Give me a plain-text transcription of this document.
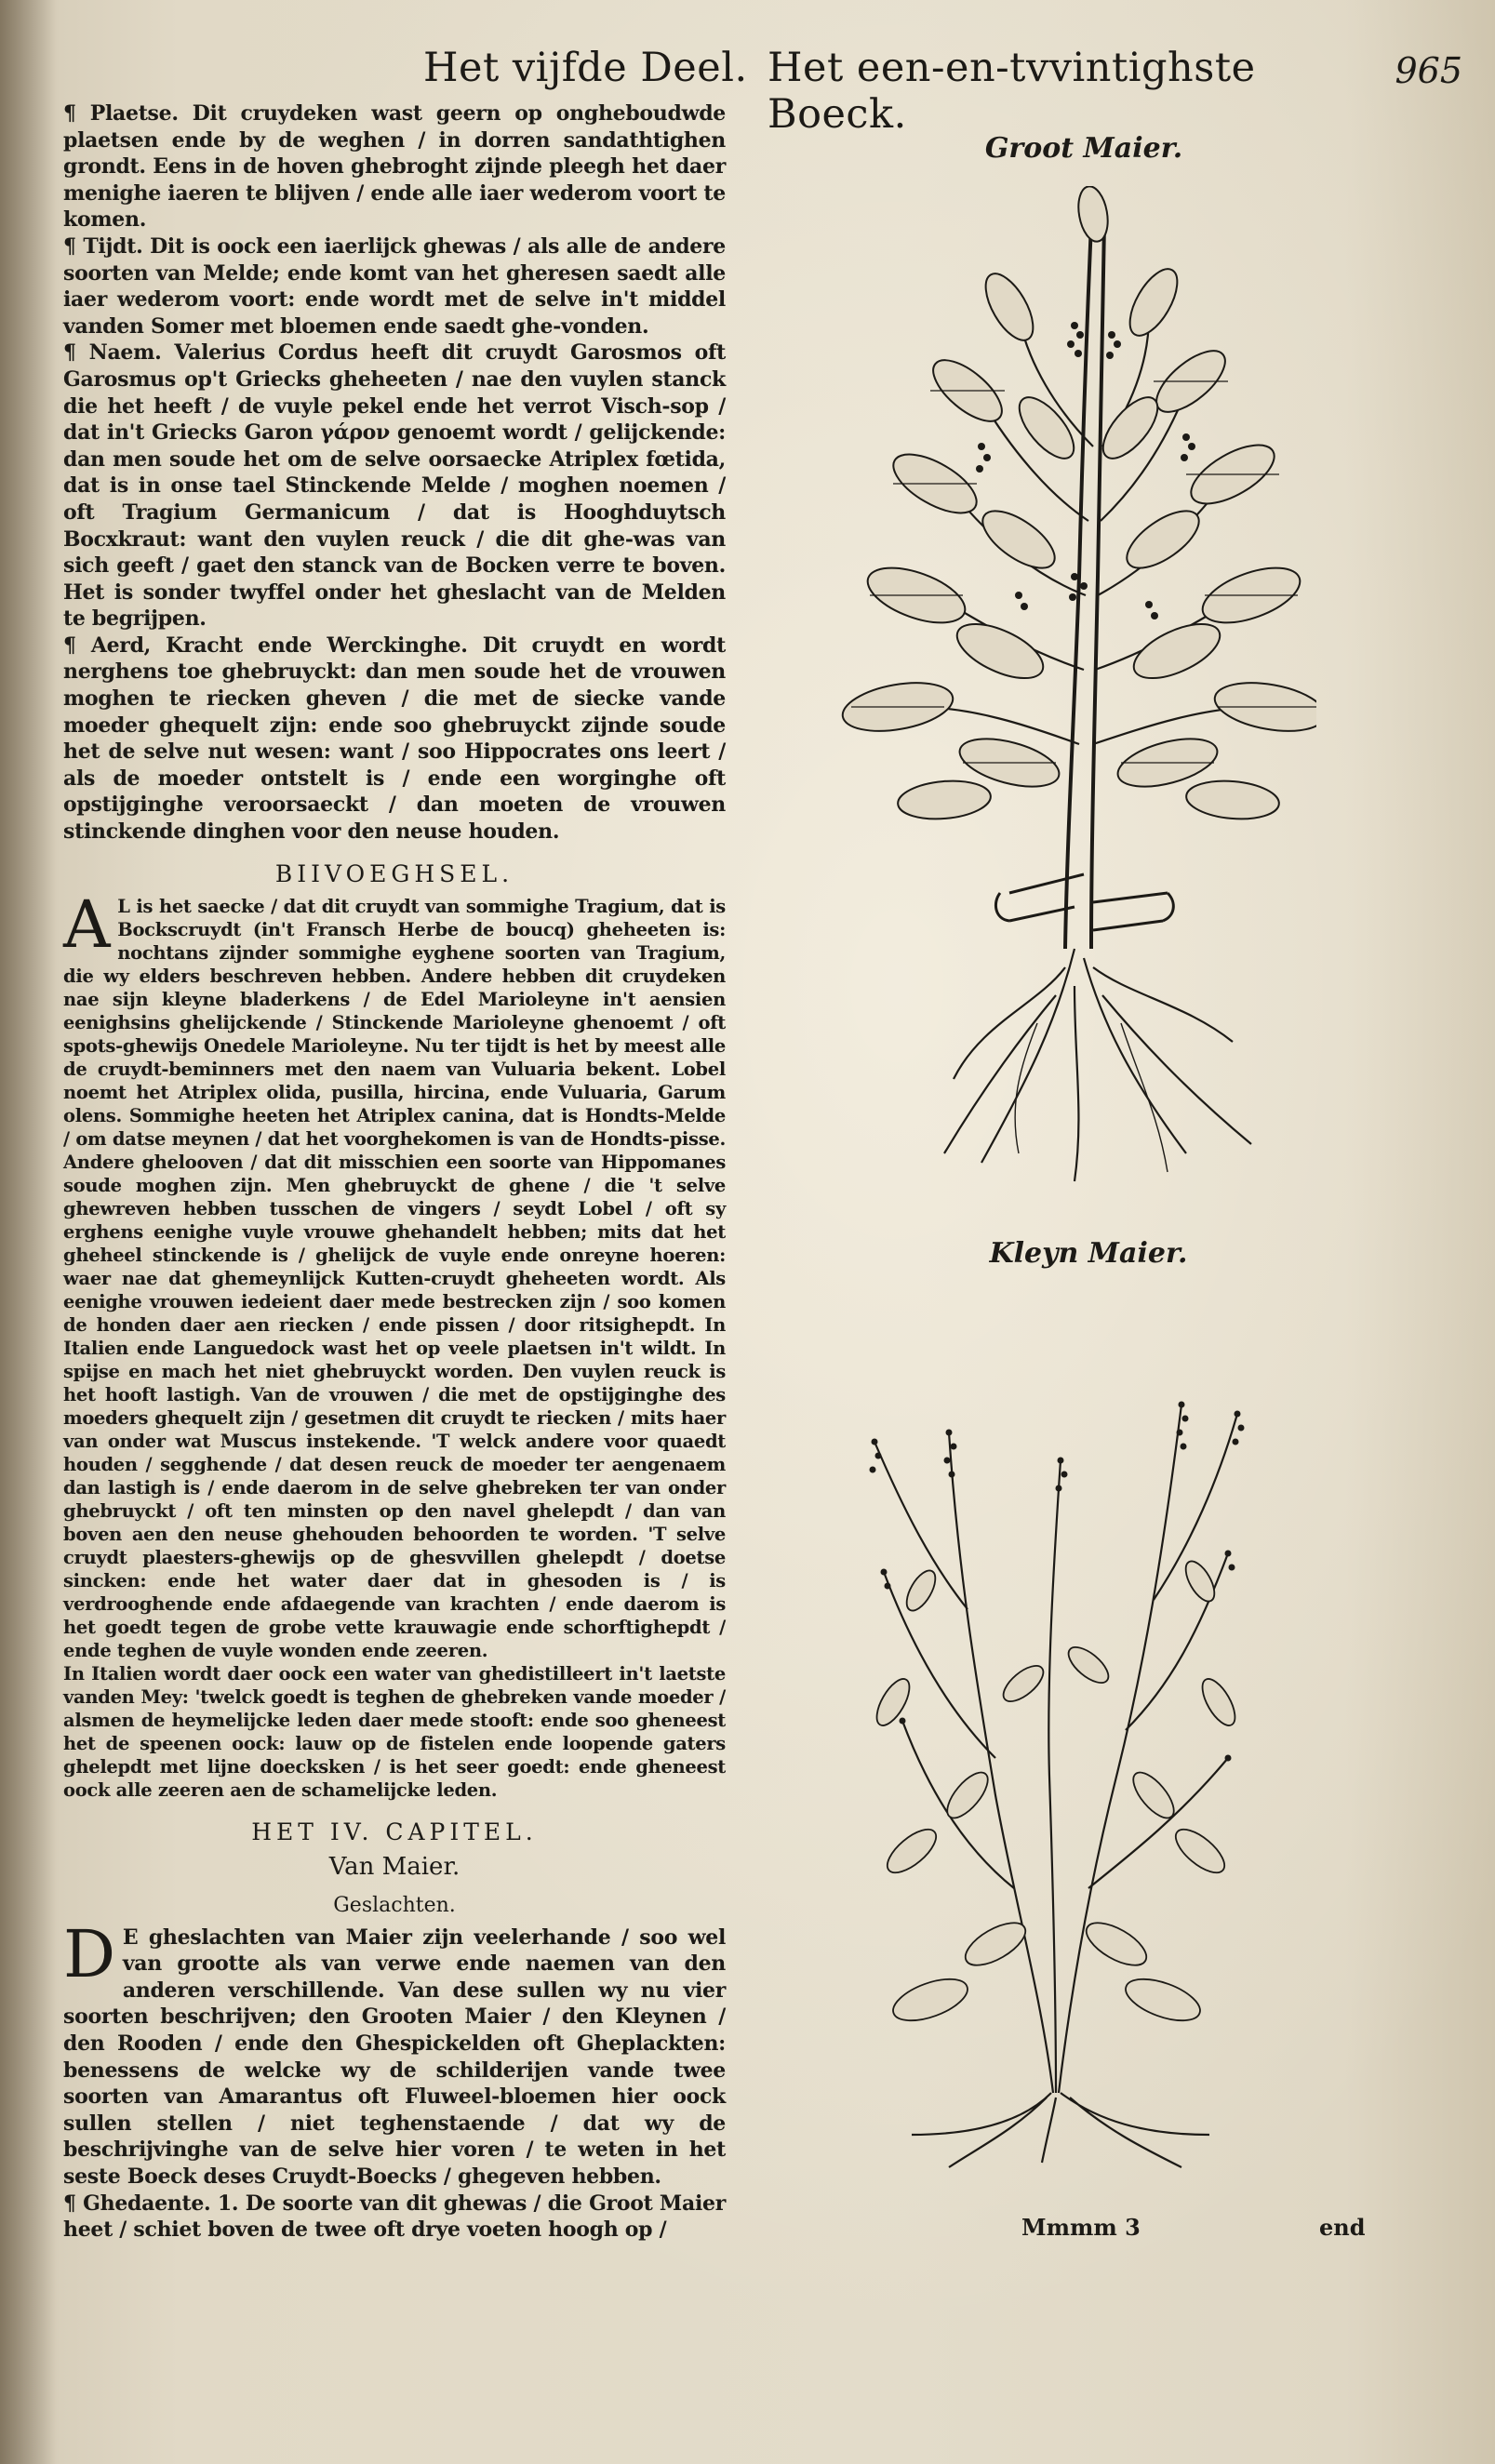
Het vijfde Deel. Het een-en-tvvintighste Boeck.
965

¶ Plaetse. Dit cruydeken wast geern op ongheboudwde plaetsen ende by de weghen / in dorren sandathtighen grondt. Eens in de hoven ghebroght zijnde pleegh het daer menighe iaeren te blijven / ende alle iaer wederom voort te komen.

¶ Tijdt. Dit is oock een iaerlijck ghewas / als alle de andere soorten van Melde; ende komt van het gheresen saedt alle iaer wederom voort: ende wordt met de selve in't middel vanden Somer met bloemen ende saedt ghe-vonden.

¶ Naem. Valerius Cordus heeft dit cruydt Garosmos oft Garosmus op't Griecks gheheeten / nae den vuylen stanck die het heeft / de vuyle pekel ende het verrot Visch-sop / dat in't Griecks Garon γάρον genoemt wordt / gelijckende: dan men soude het om de selve oorsaecke Atriplex fœtida, dat is in onse tael Stinckende Melde / moghen noemen / oft Tragium Germanicum / dat is Hooghduytsch Bocxkraut: want den vuylen reuck / die dit ghe-was van sich geeft / gaet den stanck van de Bocken verre te boven. Het is sonder twyffel onder het gheslacht van de Melden te begrijpen.

¶ Aerd, Kracht ende Werckinghe. Dit cruydt en wordt nerghens toe ghebruyckt: dan men soude het de vrouwen moghen te riecken gheven / die met de siecke vande moeder ghequelt zijn: ende soo ghebruyckt zijnde soude het de selve nut wesen: want / soo Hippocrates ons leert / als de moeder ontstelt is / ende een worginghe oft opstijginghe veroorsaeckt / dan moeten de vrouwen stinckende dinghen voor den neuse houden.

BIIVOEGHSEL.

A L is het saecke / dat dit cruydt van sommighe Tragium, dat is Bockscruydt (in't Fransch Herbe de boucq) gheheeten is: nochtans zijnder sommighe eyghene soorten van Tragium, die wy elders beschreven hebben. Andere hebben dit cruydeken nae sijn kleyne bladerkens / de Edel Marioleyne in't aensien eenighsins ghelijckende / Stinckende Marioleyne ghenoemt / oft spots-ghewijs Onedele Marioleyne. Nu ter tijdt is het by meest alle de cruydt-beminners met den naem van Vuluaria bekent. Lobel noemt het Atriplex olida, pusilla, hircina, ende Vuluaria, Garum olens. Sommighe heeten het Atriplex canina, dat is Hondts-Melde / om datse meynen / dat het voorghekomen is van de Hondts-pisse. Andere ghelooven / dat dit misschien een soorte van Hippomanes soude moghen zijn. Men ghebruyckt de ghene / die 't selve ghewreven hebben tusschen de vingers / seydt Lobel / oft sy erghens eenighe vuyle vrouwe ghehandelt hebben; mits dat het gheheel stinckende is / ghelijck de vuyle ende onreyne hoeren: waer nae dat ghemeynlijck Kutten-cruydt gheheeten wordt. Als eenighe vrouwen iedeient daer mede bestrecken zijn / soo komen de honden daer aen riecken / ende pissen / door ritsighepdt. In Italien ende Languedock wast het op veele plaetsen in't wildt. In spijse en mach het niet ghebruyckt worden. Den vuylen reuck is het hooft lastigh. Van de vrouwen / die met de opstijginghe des moeders ghequelt zijn / gesetmen dit cruydt te riecken / mits haer van onder wat Muscus instekende. 'T welck andere voor quaedt houden / segghende / dat desen reuck de moeder ter aengenaem dan lastigh is / ende daerom in de selve ghebreken ter van onder ghebruyckt / oft ten minsten op den navel ghelepdt / dan van boven aen den neuse ghehouden behoorden te worden. 'T selve cruydt plaesters-ghewijs op de ghesvvillen ghelepdt / doetse sincken: ende het water daer dat in ghesoden is / is verdrooghende ende afdaegende van krachten / ende daerom is het goedt tegen de grobe vette krauwagie ende schorftighepdt / ende teghen de vuyle wonden ende zeeren.

In Italien wordt daer oock een water van ghedistilleert in't laetste vanden Mey: 'twelck goedt is teghen de ghebreken vande moeder / alsmen de heymelijcke leden daer mede stooft: ende soo gheneest het de speenen oock: lauw op de fistelen ende loopende gaters ghelepdt met lijne doecksken / is het seer goedt: ende gheneest oock alle zeeren aen de schamelijcke leden.

HET IV. CAPITEL.
Van Maier.
Geslachten.

D E gheslachten van Maier zijn veelerhande / soo wel van grootte als van verwe ende naemen van den anderen verschillende. Van dese sullen wy nu vier soorten beschrijven; den Grooten Maier / den Kleynen / den Rooden / ende den Ghespickelden oft Gheplackten: benessens de welcke wy de schilderijen vande twee soorten van Amarantus oft Fluweel-bloemen hier oock sullen stellen / niet teghenstaende / dat wy de beschrijvinghe van de selve hier voren / te weten in het seste Boeck deses Cruydt-Boecks / ghegeven hebben.

¶ Ghedaente. 1. De soorte van dit ghewas / die Groot Maier heet / schiet boven de twee oft drye voeten hoogh op /

Groot Maier.
Kleyn Maier.
Mmmm 3	end
